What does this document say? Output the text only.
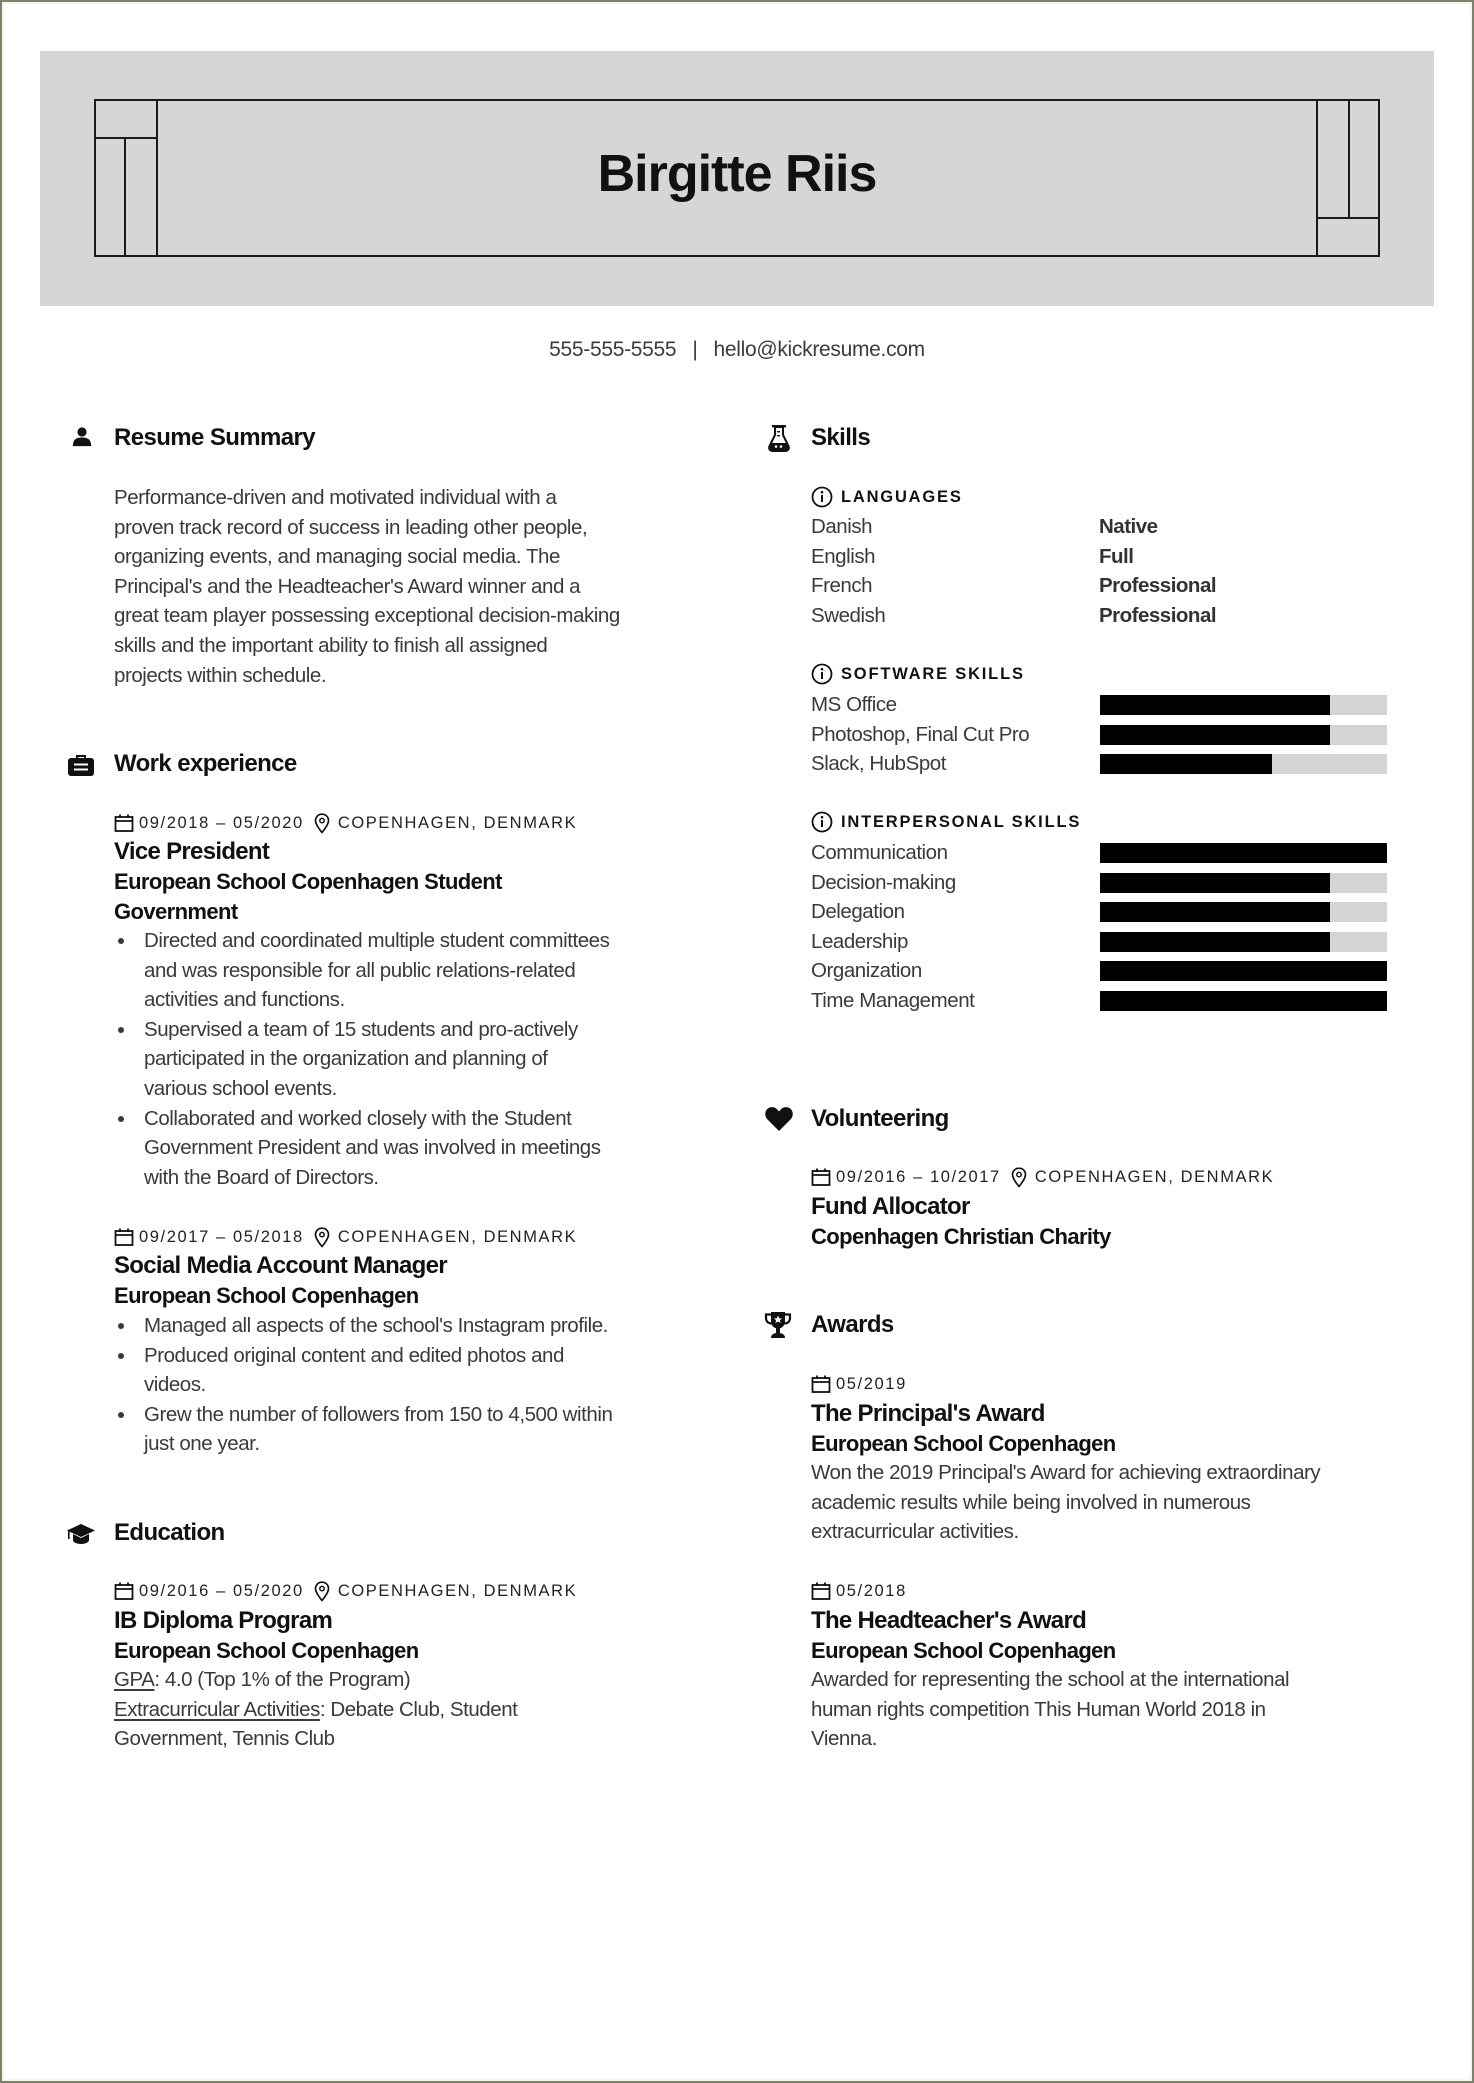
Birgitte Riis
555-555-5555 | hello@kickresume.com
Resume Summary
Performance-driven and motivated individual with a
proven track record of success in leading other people,
organizing events, and managing social media. The
Principal's and the Headteacher's Award winner and a
great team player possessing exceptional decision-making
skills and the important ability to finish all assigned
projects within schedule.
Work experience
09/2018 – 05/2020 COPENHAGEN, DENMARK
Vice President
European School Copenhagen Student
Government
Directed and coordinated multiple student committees
and was responsible for all public relations-related
activities and functions.
Supervised a team of 15 students and pro-actively
participated in the organization and planning of
various school events.
Collaborated and worked closely with the Student
Government President and was involved in meetings
with the Board of Directors.
09/2017 – 05/2018 COPENHAGEN, DENMARK
Social Media Account Manager
European School Copenhagen
Managed all aspects of the school's Instagram profile.
Produced original content and edited photos and
videos.
Grew the number of followers from 150 to 4,500 within
just one year.
Education
09/2016 – 05/2020 COPENHAGEN, DENMARK
IB Diploma Program
European School Copenhagen
GPA: 4.0 (Top 1% of the Program)
Extracurricular Activities: Debate Club, Student
Government, Tennis Club
Skills
LANGUAGES
Danish	Native
English	Full
French	Professional
Swedish	Professional
SOFTWARE SKILLS
MS Office
Photoshop, Final Cut Pro
Slack, HubSpot
INTERPERSONAL SKILLS
Communication
Decision-making
Delegation
Leadership
Organization
Time Management
Volunteering
09/2016 – 10/2017 COPENHAGEN, DENMARK
Fund Allocator
Copenhagen Christian Charity
Awards
05/2019
The Principal's Award
European School Copenhagen
Won the 2019 Principal's Award for achieving extraordinary
academic results while being involved in numerous
extracurricular activities.
05/2018
The Headteacher's Award
European School Copenhagen
Awarded for representing the school at the international
human rights competition This Human World 2018 in
Vienna.
